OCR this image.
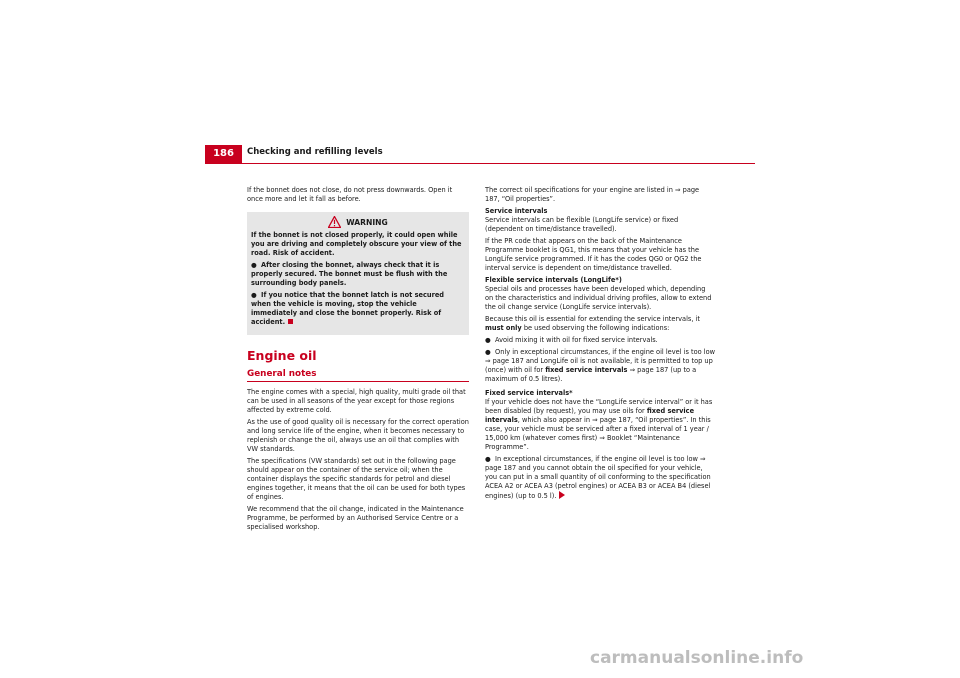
186	Checking and refilling levels

If the bonnet does not close, do not press downwards. Open it once more and let it fall as before.

WARNING

If the bonnet is not closed properly, it could open while you are driving and completely obscure your view of the road. Risk of accident.

● After closing the bonnet, always check that it is properly secured. The bonnet must be flush with the surrounding body panels.

● If you notice that the bonnet latch is not secured when the vehicle is moving, stop the vehicle immediately and close the bonnet properly. Risk of accident.

Engine oil
General notes

The engine comes with a special, high quality, multi grade oil that can be used in all seasons of the year except for those regions affected by extreme cold.

As the use of good quality oil is necessary for the correct operation and long service life of the engine, when it becomes necessary to replenish or change the oil, always use an oil that complies with VW standards.

The specifications (VW standards) set out in the following page should appear on the container of the service oil; when the container displays the specific standards for petrol and diesel engines together, it means that the oil can be used for both types of engines.

We recommend that the oil change, indicated in the Maintenance Programme, be performed by an Authorised Service Centre or a specialised workshop.

The correct oil specifications for your engine are listed in ⇒ page 187, “Oil properties”.

Service intervals

Service intervals can be flexible (LongLife service) or fixed (dependent on time/distance travelled).

If the PR code that appears on the back of the Maintenance Programme booklet is QG1, this means that your vehicle has the LongLife service programmed. If it has the codes QG0 or QG2 the interval service is dependent on time/distance travelled.

Flexible service intervals (LongLife*)

Special oils and processes have been developed which, depending on the characteristics and individual driving profiles, allow to extend the oil change service (LongLife service intervals).

Because this oil is essential for extending the service intervals, it must only be used observing the following indications:

● Avoid mixing it with oil for fixed service intervals.

● Only in exceptional circumstances, if the engine oil level is too low ⇒ page 187 and LongLife oil is not available, it is permitted to top up (once) with oil for fixed service intervals ⇒ page 187 (up to a maximum of 0.5 litres).

Fixed service intervals*

If your vehicle does not have the “LongLife service interval” or it has been disabled (by request), you may use oils for fixed service intervals, which also appear in ⇒ page 187, “Oil properties”. In this case, your vehicle must be serviced after a fixed interval of 1 year / 15,000 km (whatever comes first) ⇒ Booklet “Maintenance Programme”.

● In exceptional circumstances, if the engine oil level is too low ⇒ page 187 and you cannot obtain the oil specified for your vehicle, you can put in a small quantity of oil conforming to the specification ACEA A2 or ACEA A3 (petrol engines) or ACEA B3 or ACEA B4 (diesel engines) (up to 0.5 l).

carmanualsonline.info
